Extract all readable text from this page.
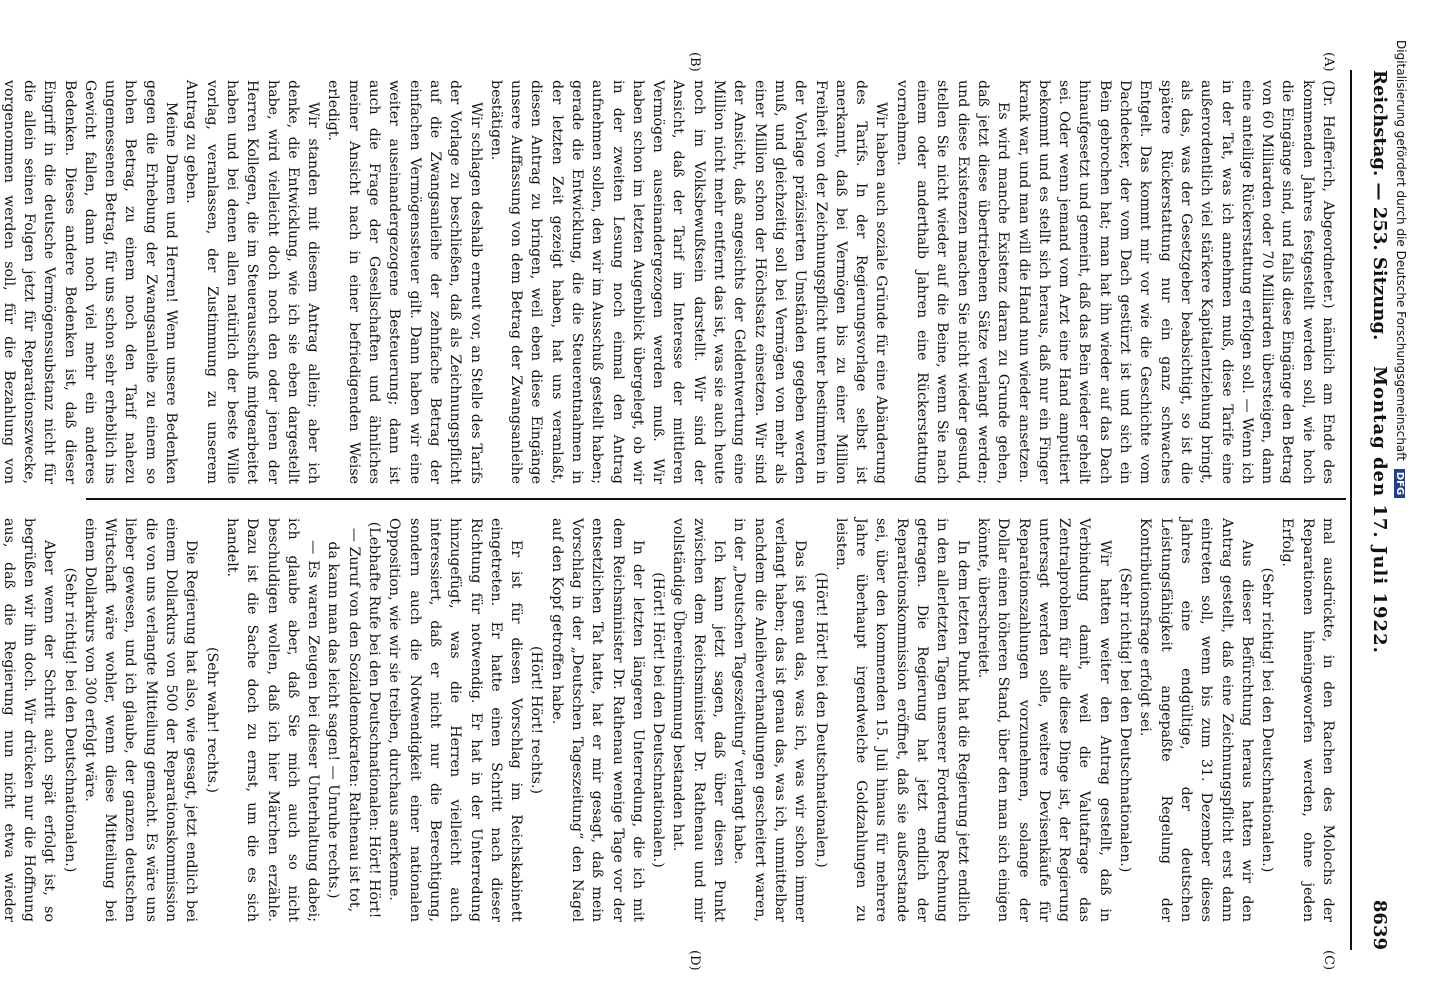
Reichstag. — 253. Sitzung.
Montag den 17. Juli 1922.
8639
(A)
(B)
(C)
(D)

(Dr. Helfferich, Abgeordneter.) nämlich am Ende des kommenden Jahres festgestellt werden soll, wie hoch die Eingänge sind, und falls diese Eingänge den Betrag von 60 Milliarden oder 70 Milliarden übersteigen, dann eine anteilige Rückerstattung erfolgen soll. — Wenn ich in der Tat, was ich annehmen muß, diese Tarife eine außerordentlich viel stärkere Kapitalentziehung bringt, als das, was der Gesetzgeber beabsichtigt, so ist die spätere Rückerstattung nur ein ganz schwaches Entgelt. Das kommt mir vor wie die Geschichte vom Dachdecker, der vom Dach gestürzt ist und sich ein Bein gebrochen hat; man hat ihn wieder auf das Dach hinaufgesetzt und gemeint, daß das Bein wieder geheilt sei. Oder wenn jemand vom Arzt eine Hand amputiert bekommt und es stellt sich heraus, daß nur ein Finger krank war, und man will die Hand nun wieder ansetzen.

Es wird manche Existenz daran zu Grunde gehen, daß jetzt diese übertriebenen Sätze verlangt werden; und diese Existenzen machen Sie nicht wieder gesund, stellen Sie nicht wieder auf die Beine, wenn Sie nach einem oder anderthalb Jahren eine Rückerstattung vornehmen.

Wir haben auch soziale Gründe für eine Abänderung des Tarifs. In der Regierungsvorlage selbst ist anerkannt, daß bei Vermögen bis zu einer Million Freiheit von der Zeichnungspflicht unter bestimmten in der Vorlage präzisierten Umständen gegeben werden muß, und gleichzeitig soll bei Vermögen von mehr als einer Million schon der Höchstsatz einsetzen. Wir sind der Ansicht, daß angesichts der Geldentwertung eine Million nicht mehr entfernt das ist, was sie auch heute noch im Volksbewußtsein darstellt. Wir sind der Ansicht, daß der Tarif im Interesse der mittleren Vermögen auseinandergezogen werden muß. Wir haben schon im letzten Augenblick übergelegt, ob wir in der zweiten Lesung noch einmal den Antrag aufnehmen sollen, den wir im Ausschuß gestellt haben; gerade die Entwicklung, die die Steuerentnahmen in der letzten Zeit gezeigt haben, hat uns veranlaßt, diesen Antrag zu bringen, weil eben diese Eingänge unsere Auffassung von dem Betrag der Zwangsanleihe bestätigen.

Wir schlagen deshalb erneut vor, an Stelle des Tarifs der Vorlage zu beschließen, daß als Zeichnungspflicht auf die Zwangsanleihe der zehnfache Betrag der einfachen Vermögenssteuer gilt. Dann haben wir eine weiter auseinandergezogene Besteuerung; dann ist auch die Frage der Gesellschaften und ähnliches meiner Ansicht nach in einer befriedigenden Weise erledigt.

Wir standen mit diesem Antrag allein; aber ich denke, die Entwicklung, wie ich sie eben dargestellt habe, wird vielleicht doch noch den oder jenen der Herren Kollegen, die im Steuerausschuß mitgearbeitet haben und bei denen allen natürlich der beste Wille vorlag, veranlassen, der Zustimmung zu unserem Antrag zu geben.

Meine Damen und Herren! Wenn unsere Bedenken gegen die Erhebung der Zwangsanleihe zu einem so hohen Betrag, zu einem noch den Tarif nahezu ungemessenen Betrag, für uns schon sehr erheblich ins Gewicht fallen, dann noch viel mehr ein anderes Bedenken. Dieses andere Bedenken ist, daß dieser Eingriff in die deutsche Vermögenssubstanz nicht für die allein seinen Folgen jetzt für Reparationszwecke, vorgenommen werden soll, für die Bezahlung von

mal ausdrückte, in den Rachen des Molochs der Reparationen hineingeworfen werden, ohne jeden Erfolg.

(Sehr richtig! bei den Deutschnationalen.)

Aus dieser Befürchtung heraus hatten wir den Antrag gestellt, daß eine Zeichnungspflicht erst dann eintreten soll, wenn bis zum 31. Dezember dieses Jahres eine endgültige, der deutschen Leistungsfähigkeit angepaßte Regelung der Kontributionsfrage erfolgt sei.

(Sehr richtig! bei den Deutschnationalen.)

Wir hatten weiter den Antrag gestellt, daß in Verbindung damit, weil die Valutafrage das Zentralproblem für alle diese Dinge ist, der Regierung untersagt werden solle, weitere Devisenkäufe für Reparationszahlungen vorzunehmen, solange der Dollar einen höheren Stand, über den man sich einigen könnte, überschreitet.

In dem letzten Punkt hat die Regierung jetzt endlich in den allerletzten Tagen unserer Forderung Rechnung getragen. Die Regierung hat jetzt endlich der Reparationskommission eröffnet, daß sie außerstande sei, über den kommenden 15. Juli hinaus für mehrere Jahre überhaupt irgendwelche Goldzahlungen zu leisten.

(Hört! Hört! bei den Deutschnationalen.)

Das ist genau das, was ich, was wir schon immer verlangt haben; das ist genau das, was ich, unmittelbar nachdem die Anleiheverhandlungen gescheitert waren, in der „Deutschen Tageszeitung“ verlangt habe.

Ich kann jetzt sagen, daß über diesen Punkt zwischen dem Reichsminister Dr. Rathenau und mir vollständige Übereinstimmung bestanden hat.

(Hört! Hört! bei den Deutschnationalen.)

In der letzten längeren Unterredung, die ich mit dem Reichsminister Dr. Rathenau wenige Tage vor der entsetzlichen Tat hatte, hat er mir gesagt, daß mein Vorschlag in der „Deutschen Tageszeitung“ den Nagel auf den Kopf getroffen habe.

(Hört! Hört! rechts.)

Er ist für diesen Vorschlag im Reichskabinett eingetreten. Er hatte einen Schritt nach dieser Richtung für notwendig. Er hat in der Unterredung hinzugefügt, was die Herren vielleicht auch interessiert, daß er nicht nur die Berechtigung, sondern auch die Notwendigkeit einer nationalen Opposition, wie wir sie treiben, durchaus anerkenne.

(Lebhafte Rufe bei den Deutschnationalen: Hört! Hört! — Zuruf von den Sozialdemokraten: Rathenau ist tot, da kann man das leicht sagen! — Unruhe rechts.)

— Es waren Zeugen bei dieser Unterhaltung dabei; ich glaube aber, daß Sie mich auch so nicht beschuldigen wollen, daß ich hier Märchen erzähle. Dazu ist die Sache doch zu ernst, um die es sich handelt.

(Sehr wahr! rechts.)

Die Regierung hat also, wie gesagt, jetzt endlich bei einem Dollarkurs von 500 der Reparationskommission die von uns verlangte Mitteilung gemacht. Es wäre uns lieber gewesen, und ich glaube, der ganzen deutschen Wirtschaft wäre wohler, wenn diese Mitteilung bei einem Dollarkurs von 300 erfolgt wäre.

(Sehr richtig! bei den Deutschnationalen.)

Aber wenn der Schritt auch spät erfolgt ist, so begrüßen wir ihn doch. Wir drücken nur die Hoffnung aus, daß die Regierung nun nicht etwa wieder

Digitalisierung gefördert durch die Deutsche Forschungsgemeinschaft DFG
